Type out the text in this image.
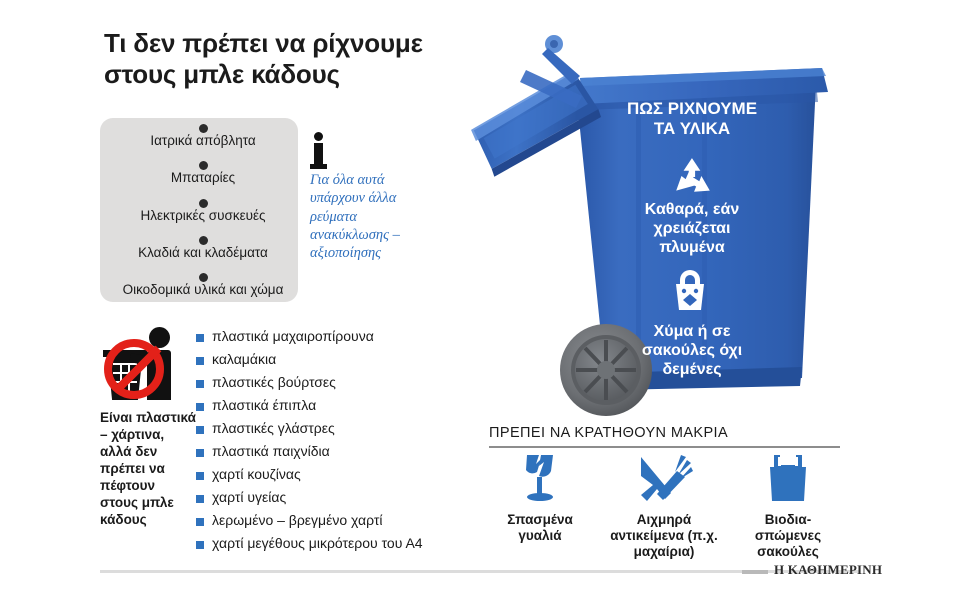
Τι δεν πρέπει να ρίχνουμε
στους μπλε κάδους
Ιατρικά απόβλητα
Μπαταρίες
Ηλεκτρικές συσκευές
Κλαδιά και κλαδέματα
Οικοδομικά υλικά και χώμα
Για όλα αυτά υπάρχουν άλλα ρεύματα ανακύκλωσης – αξιοποίησης
Είναι πλαστικά – χάρτινα, αλλά δεν πρέπει να πέφτουν στους μπλε κάδους
πλαστικά μαχαιροπίρουνα
καλαμάκια
πλαστικές βούρτσες
πλαστικά έπιπλα
πλαστικές γλάστρες
πλαστικά παιχνίδια
χαρτί κουζίνας
χαρτί υγείας
λερωμένο – βρεγμένο χαρτί
χαρτί μεγέθους μικρότερου του Α4
ΠΩΣ ΡΙΧΝΟΥΜΕ
ΤΑ ΥΛΙΚΑ
Καθαρά, εάν
χρειάζεται
πλυμένα
Χύμα ή σε
σακούλες όχι
δεμένες
ΠΡΕΠΕΙ ΝΑ ΚΡΑΤΗΘΟΥΝ ΜΑΚΡΙΑ
Σπασμένα γυαλιά
Αιχμηρά αντικείμενα (π.χ. μαχαίρια)
Βιοδια- σπώμενες σακούλες
Η ΚΑΘΗΜΕΡΙΝΗ
